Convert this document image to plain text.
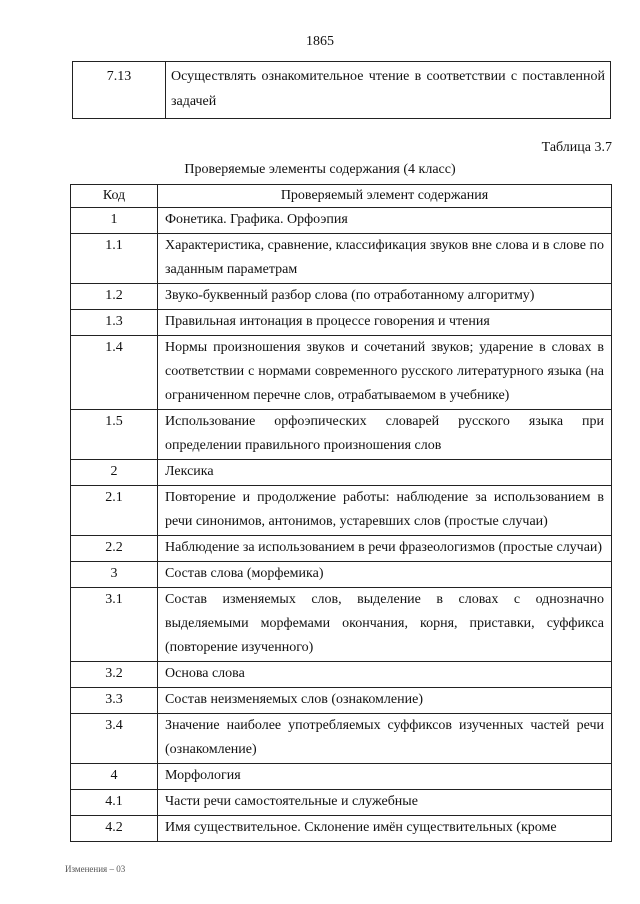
1865
7.13	Осуществлять ознакомительное чтение в соответствии с поставленной задачей
Таблица 3.7
Проверяемые элементы содержания (4 класс)
Код	Проверяемый элемент содержания
1	Фонетика. Графика. Орфоэпия
1.1	Характеристика, сравнение, классификация звуков вне слова и в слове по заданным параметрам
1.2	Звуко-буквенный разбор слова (по отработанному алгоритму)
1.3	Правильная интонация в процессе говорения и чтения
1.4	Нормы произношения звуков и сочетаний звуков; ударение в словах в соответствии с нормами современного русского литературного языка (на ограниченном перечне слов, отрабатываемом в учебнике)
1.5	Использование орфоэпических словарей русского языка при определении правильного произношения слов
2	Лексика
2.1	Повторение и продолжение работы: наблюдение за использованием в речи синонимов, антонимов, устаревших слов (простые случаи)
2.2	Наблюдение за использованием в речи фразеологизмов (простые случаи)
3	Состав слова (морфемика)
3.1	Состав изменяемых слов, выделение в словах с однозначно выделяемыми морфемами окончания, корня, приставки, суффикса (повторение изученного)
3.2	Основа слова
3.3	Состав неизменяемых слов (ознакомление)
3.4	Значение наиболее употребляемых суффиксов изученных частей речи (ознакомление)
4	Морфология
4.1	Части речи самостоятельные и служебные
4.2	Имя существительное. Склонение имён существительных (кроме
Изменения – 03
